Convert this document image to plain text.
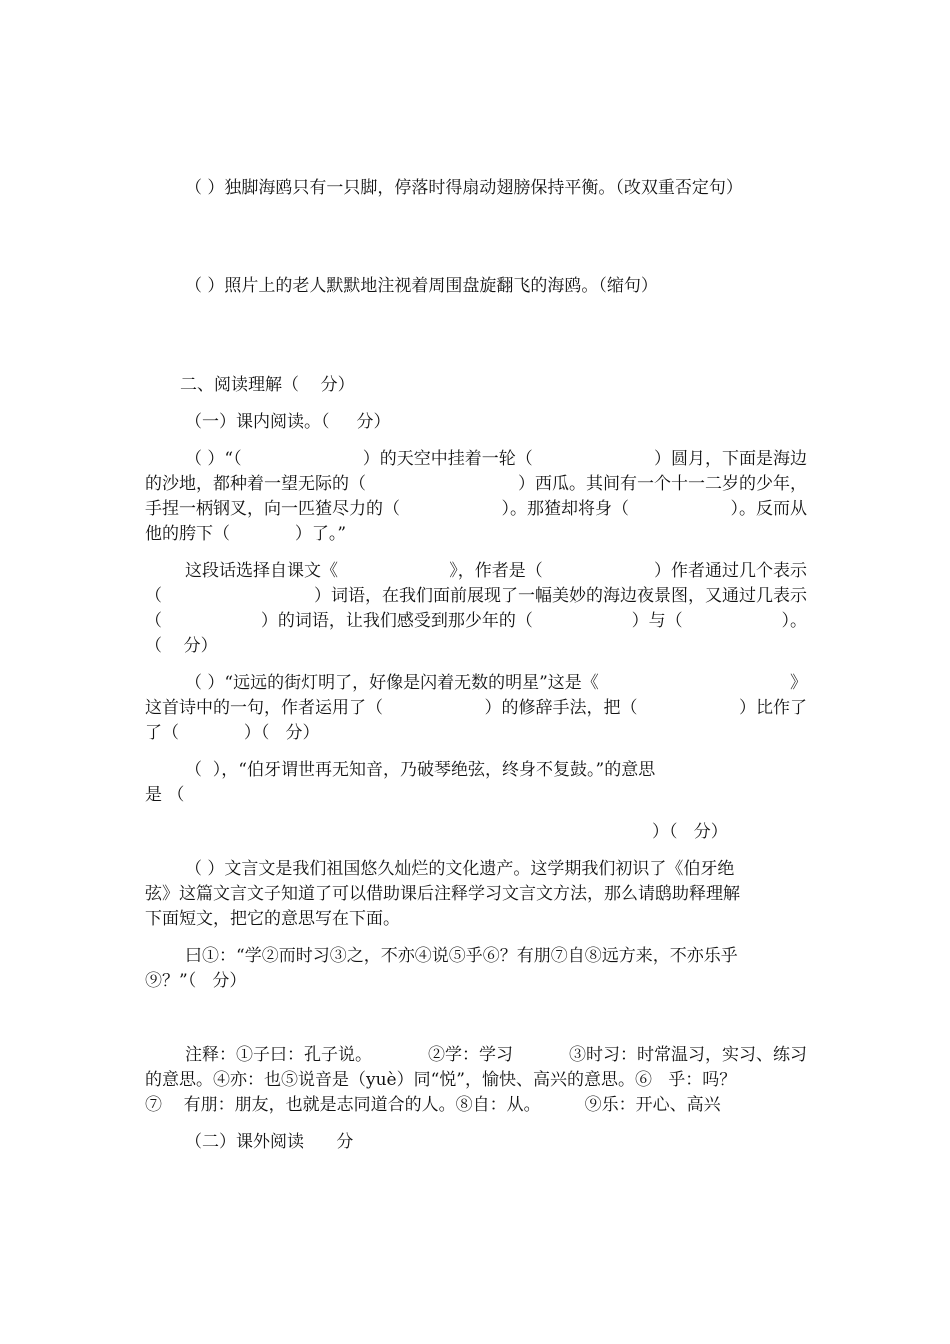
（ ）独脚海鸥只有一只脚，停落时得扇动翅膀保持平衡。（改双重否定句）
（ ）照片上的老人默默地注视着周围盘旋翻飞的海鸥。（缩句）
二、阅读理解（    分）
（一）课内阅读。（     分）
（ ）“（	）的天空中挂着一轮（	）圆月，下面是海边
的沙地，都种着一望无际的（	）西瓜。其间有一个十一二岁的少年，
手捏一柄钢叉，向一匹猹尽力的（	）。那猹却将身（	）。反而从
他的胯下（            ）了。”
这段话选择自课文《	》，作者是（	）作者通过几个表示
（	）词语，在我们面前展现了一幅美妙的海边夜景图，又通过几表示
（	）的词语，让我们感受到那少年的（	）与（	）。
（    分）
（ ）“远远的街灯明了，好像是闪着无数的明星”这是《	》
这首诗中的一句，作者运用了（	）的修辞手法，把（	）比作了
了（            ）（   分）
（  ），“伯牙谓世再无知音，乃破琴绝弦，终身不复鼓。”的意思
是 （
）（   分）
（ ）文言文是我们祖国悠久灿烂的文化遗产。这学期我们初识了《伯牙绝
弦》这篇文言文子知道了可以借助课后注释学习文言文方法，那么请鸱助释理解
下面短文，把它的意思写在下面。
曰①：“学②而时习③之，不亦④说⑤乎⑥？有朋⑦自⑧远方来，不亦乐乎
⑨？”（   分）
注释：①子曰：孔子说。	②学：学习	③时习：时常温习，实习、练习
的意思。④亦：也⑤说音是（yuè）同“悦”，愉快、高兴的意思。⑥   乎：吗？
⑦    有朋：朋友，也就是志同道合的人。⑧自：从。	⑨乐：开心、高兴
（二）课外阅读      分
